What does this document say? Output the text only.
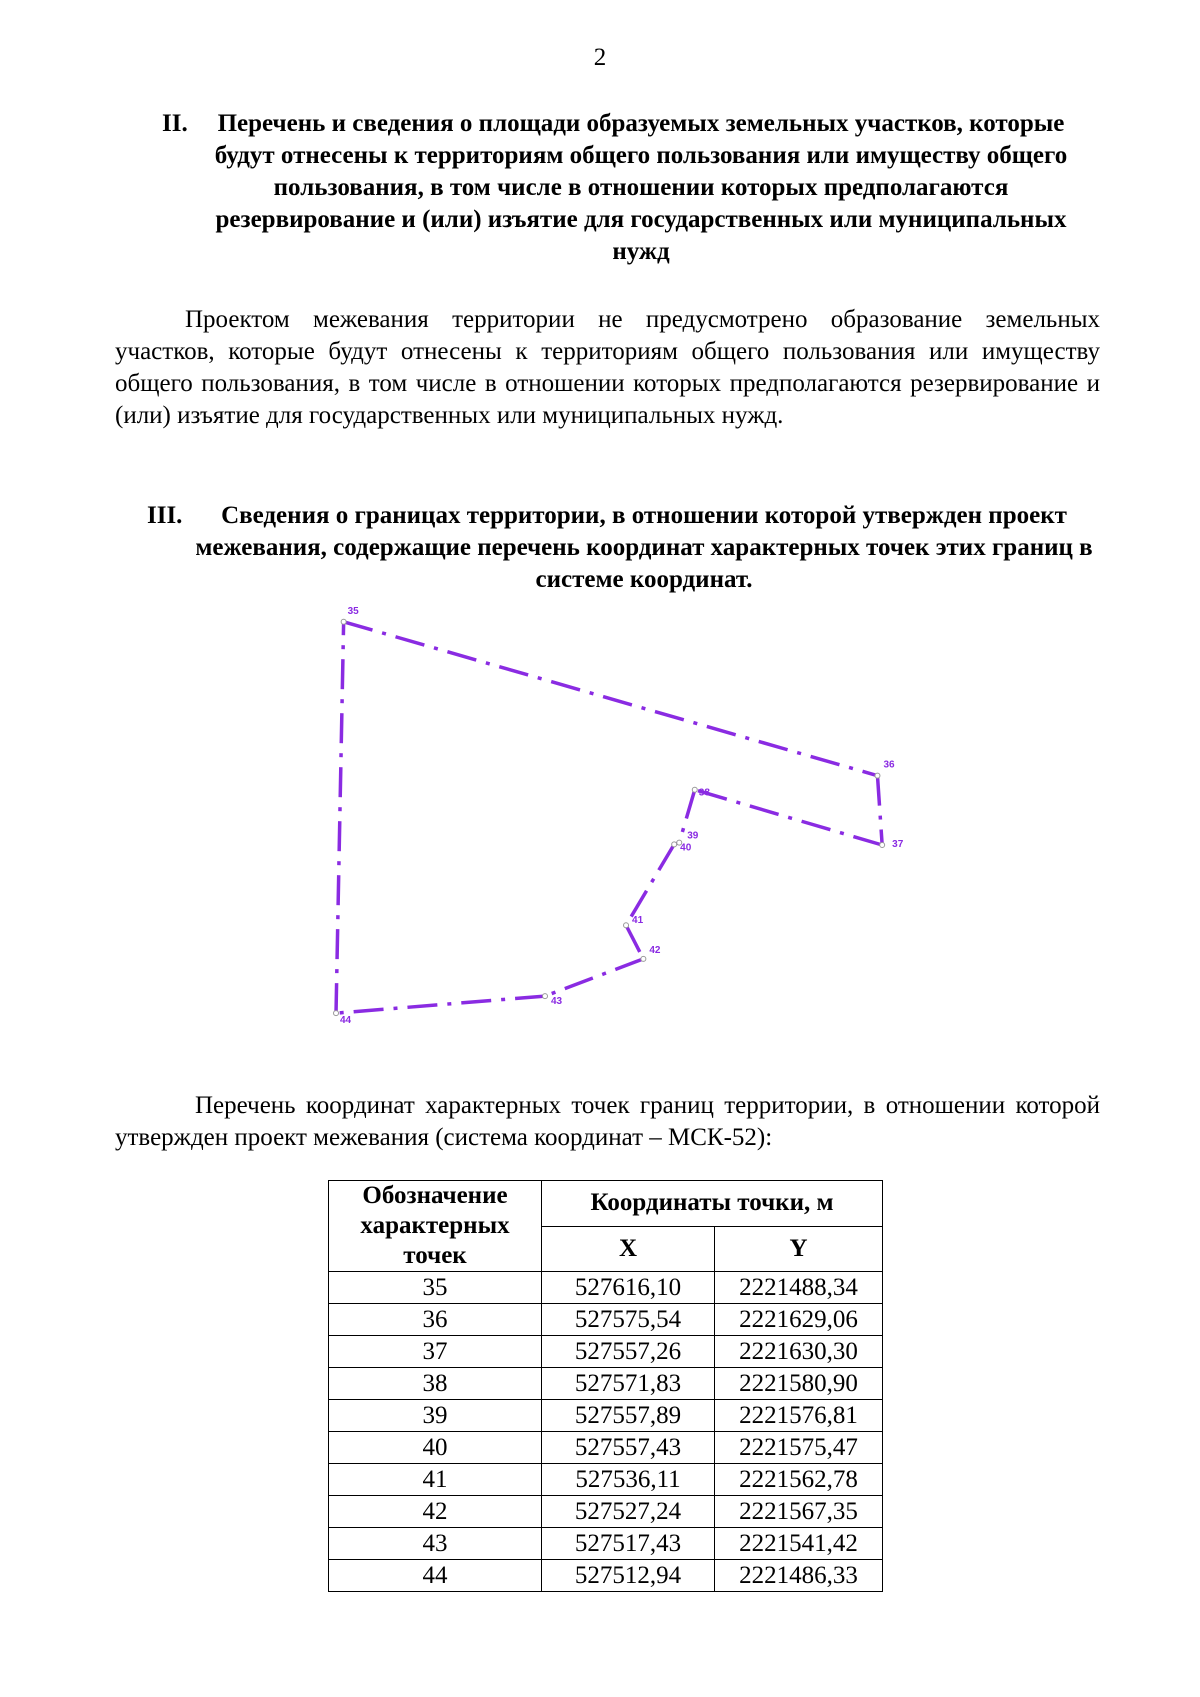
2
II.	Перечень и сведения о площади образуемых земельных участков, которые будут отнесены к территориям общего пользования или имуществу общего пользования, в том числе в отношении которых предполагаются резервирование и (или) изъятие для государственных или муниципальных нужд
Проектом межевания территории не предусмотрено образование земельных участков, которые будут отнесены к территориям общего пользования или имуществу общего пользования, в том числе в отношении которых предполагаются резервирование и (или) изъятие для государственных или муниципальных нужд.
III.	Сведения о границах территории, в отношении которой утвержден проект межевания, содержащие перечень координат характерных точек этих границ в системе координат.
35
36
37
38
39
40
41
42
43
44
Перечень координат характерных точек границ территории, в отношении которой утвержден проект межевания (система координат – МСК-52):
Обозначение характерных точек	Координаты точки, м	
	X	Y
35	527616,10	2221488,34
36	527575,54	2221629,06
37	527557,26	2221630,30
38	527571,83	2221580,90
39	527557,89	2221576,81
40	527557,43	2221575,47
41	527536,11	2221562,78
42	527527,24	2221567,35
43	527517,43	2221541,42
44	527512,94	2221486,33
